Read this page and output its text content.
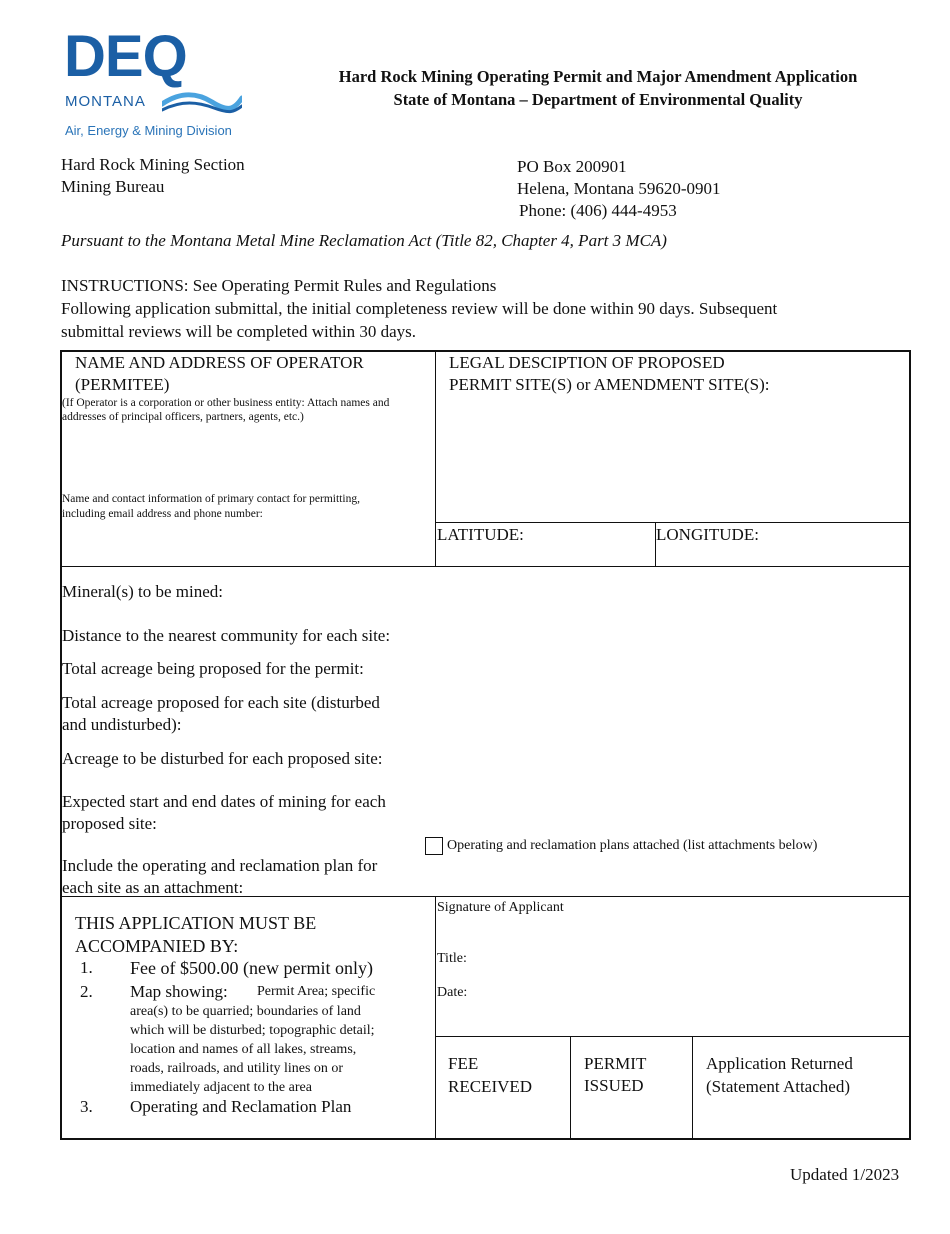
DEQ
MONTANA
Air, Energy & Mining Division
Hard Rock Mining Operating Permit and Major Amendment Application
State of Montana – Department of Environmental Quality
Hard Rock Mining Section
Mining Bureau
PO Box 200901
Helena, Montana 59620-0901
Phone: (406) 444-4953
Pursuant to the Montana Metal Mine Reclamation Act (Title 82, Chapter 4, Part 3 MCA)
INSTRUCTIONS: See Operating Permit Rules and Regulations
Following application submittal, the initial completeness review will be done within 90 days. Subsequent
submittal reviews will be completed within 30 days.
NAME AND ADDRESS OF OPERATOR
(PERMITEE)
(If Operator is a corporation or other business entity: Attach names and
addresses of principal officers, partners, agents, etc.)
Name and contact information of primary contact for permitting,
including email address and phone number:
LEGAL DESCIPTION OF PROPOSED
PERMIT SITE(S) or AMENDMENT SITE(S):
LATITUDE:	LONGITUDE:
Mineral(s) to be mined:
Distance to the nearest community for each site:
Total acreage being proposed for the permit:
Total acreage proposed for each site (disturbed
and undisturbed):
Acreage to be disturbed for each proposed site:
Expected start and end dates of mining for each
proposed site:
Include the operating and reclamation plan for
each site as an attachment:
Operating and reclamation plans attached (list attachments below)
THIS APPLICATION MUST BE
ACCOMPANIED BY:
1. Fee of $500.00 (new permit only)
2. Map showing: Permit Area; specific
area(s) to be quarried; boundaries of land
which will be disturbed; topographic detail;
location and names of all lakes, streams,
roads, railroads, and utility lines on or
immediately adjacent to the area
3. Operating and Reclamation Plan
Signature of Applicant
Title:
Date:
FEE
RECEIVED
PERMIT
ISSUED
Application Returned
(Statement Attached)
Updated 1/2023
